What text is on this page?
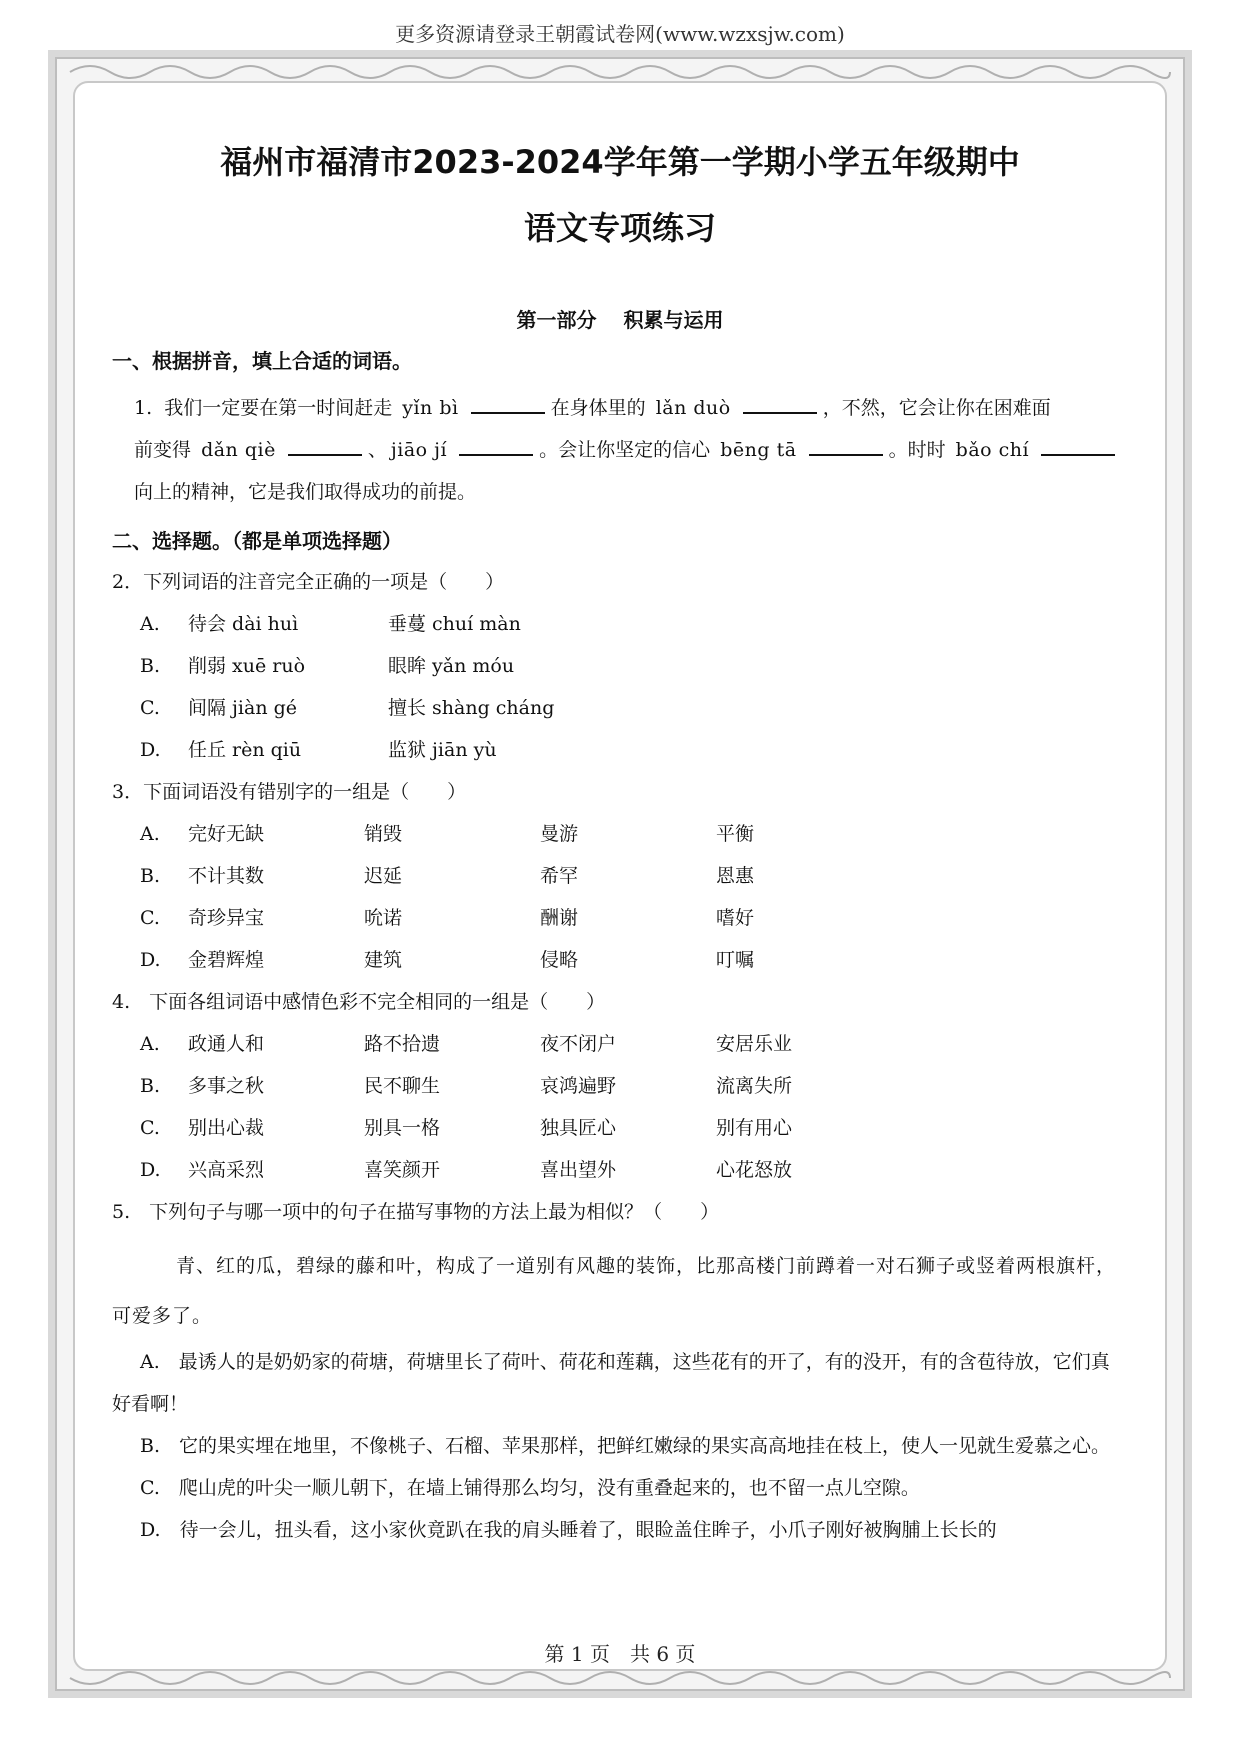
更多资源请登录王朝霞试卷网(www.wzxsjw.com)
福州市福清市2023-2024学年第一学期小学五年级期中
语文专项练习
第一部分 积累与运用
一、根据拼音，填上合适的词语。

1. 我们一定要在第一时间赶走 yǐn bì	在身体里的 lǎn duò	，不然，它会让你在困难面

前变得 dǎn qiè	、 jiāo jí	。会让你坚定的信心 bēng tā	。时时 bǎo chí

向上的精神，它是我们取得成功的前提。

二、选择题。（都是单项选择题）
2．下列词语的注音完全正确的一项是（　　）
A.	待会 dài huì	垂蔓 chuí màn
B.	削弱 xuē ruò	眼眸 yǎn móu
C.	间隔 jiàn gé	擅长 shàng cháng
D.	任丘 rèn qiū	监狱 jiān yù
3．下面词语没有错别字的一组是（　　）
A.	完好无缺	销毁	曼游	平衡
B.	不计其数	迟延	希罕	恩惠
C.	奇珍异宝	吮诺	酬谢	嗜好
D.	金碧辉煌	建筑	侵略	叮嘱
4.　下面各组词语中感情色彩不完全相同的一组是（　　）
A.	政通人和	路不拾遗	夜不闭户	安居乐业
B.	多事之秋	民不聊生	哀鸿遍野	流离失所
C.	别出心裁	别具一格	独具匠心	别有用心
D.	兴高采烈	喜笑颜开	喜出望外	心花怒放
5.　下列句子与哪一项中的句子在描写事物的方法上最为相似？（　　）

青、红的瓜，碧绿的藤和叶，构成了一道别有风趣的装饰，比那高楼门前蹲着一对石狮子或竖着两根旗杆，可爱多了。

A.　最诱人的是奶奶家的荷塘，荷塘里长了荷叶、荷花和莲藕，这些花有的开了，有的没开，有的含苞待放，它们真好看啊！

B.　它的果实埋在地里，不像桃子、石榴、苹果那样，把鲜红嫩绿的果实高高地挂在枝上，使人一见就生爱慕之心。

C.　爬山虎的叶尖一顺儿朝下，在墙上铺得那么均匀，没有重叠起来的，也不留一点儿空隙。

D.　待一会儿，扭头看，这小家伙竟趴在我的肩头睡着了，眼睑盖住眸子，小爪子刚好被胸脯上长长的

第 1 页　共 6 页
